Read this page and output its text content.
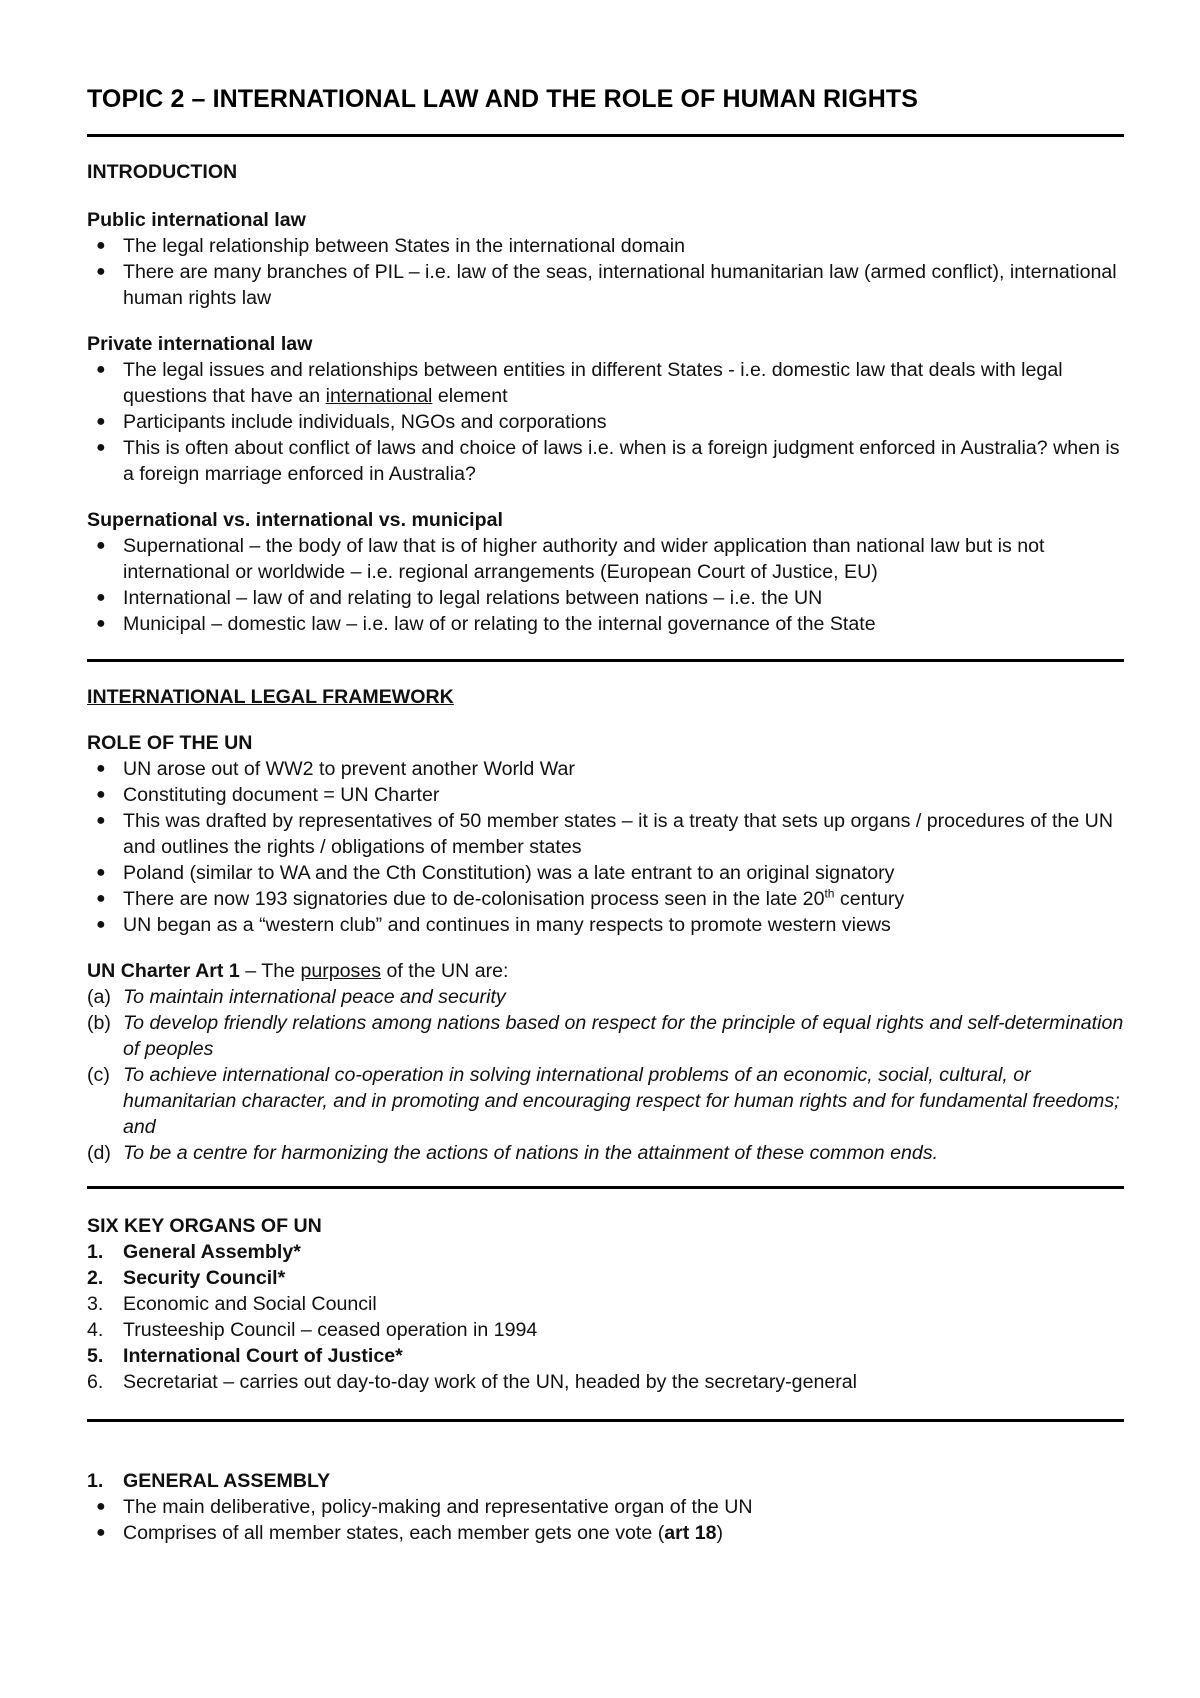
TOPIC 2 – INTERNATIONAL LAW AND THE ROLE OF HUMAN RIGHTS

INTRODUCTION

Public international law

● The legal relationship between States in the international domain
● There are many branches of PIL – i.e. law of the seas, international humanitarian law (armed conflict), international human rights law

Private international law

● The legal issues and relationships between entities in different States - i.e. domestic law that deals with legal questions that have an international element
● Participants include individuals, NGOs and corporations
● This is often about conflict of laws and choice of laws i.e. when is a foreign judgment enforced in Australia? when is a foreign marriage enforced in Australia?

Supernational vs. international vs. municipal

● Supernational – the body of law that is of higher authority and wider application than national law but is not international or worldwide – i.e. regional arrangements (European Court of Justice, EU)
● International – law of and relating to legal relations between nations – i.e. the UN
● Municipal – domestic law – i.e. law of or relating to the internal governance of the State

INTERNATIONAL LEGAL FRAMEWORK

ROLE OF THE UN

● UN arose out of WW2 to prevent another World War
● Constituting document = UN Charter
● This was drafted by representatives of 50 member states – it is a treaty that sets up organs / procedures of the UN and outlines the rights / obligations of member states
● Poland (similar to WA and the Cth Constitution) was a late entrant to an original signatory
● There are now 193 signatories due to de-colonisation process seen in the late 20th century
● UN began as a “western club” and continues in many respects to promote western views

UN Charter Art 1 – The purposes of the UN are:

(a) To maintain international peace and security
(b) To develop friendly relations among nations based on respect for the principle of equal rights and self-determination of peoples
(c) To achieve international co-operation in solving international problems of an economic, social, cultural, or humanitarian character, and in promoting and encouraging respect for human rights and for fundamental freedoms; and
(d) To be a centre for harmonizing the actions of nations in the attainment of these common ends.

SIX KEY ORGANS OF UN

1. General Assembly*
2. Security Council*
3. Economic and Social Council
4. Trusteeship Council – ceased operation in 1994
5. International Court of Justice*
6. Secretariat – carries out day-to-day work of the UN, headed by the secretary-general

1. GENERAL ASSEMBLY

● The main deliberative, policy-making and representative organ of the UN
● Comprises of all member states, each member gets one vote (art 18)
